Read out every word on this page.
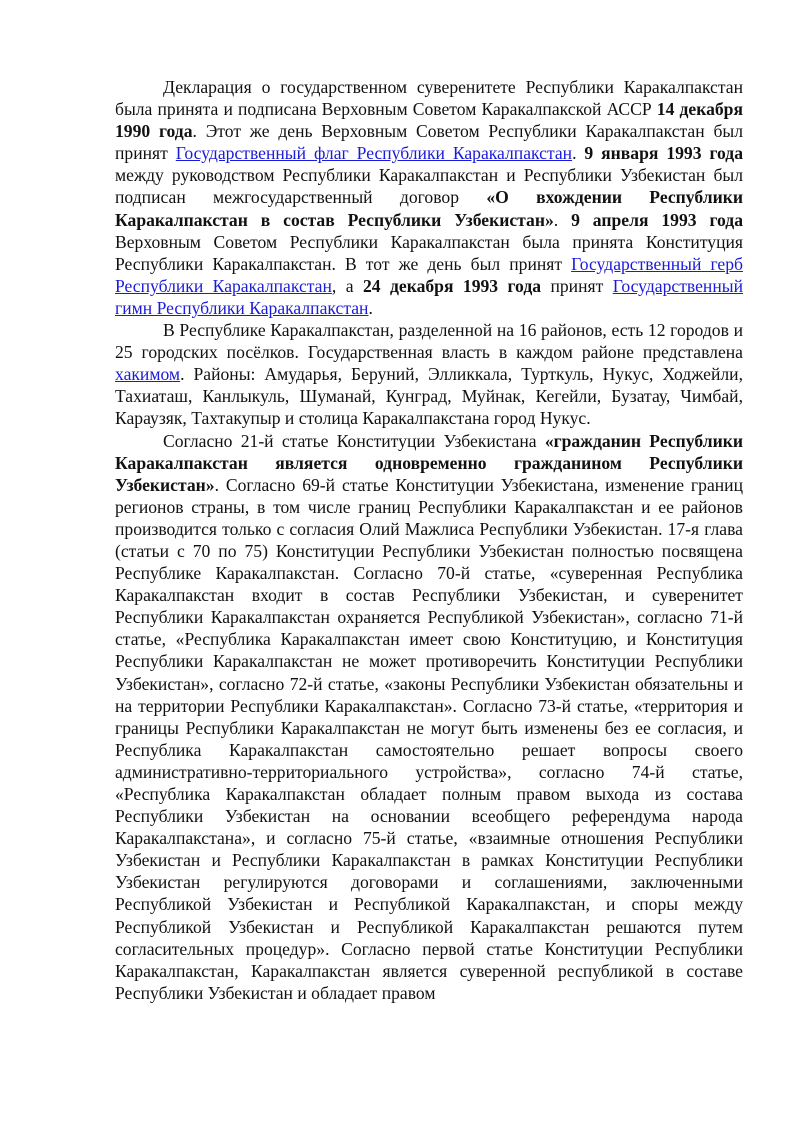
Декларация о государственном суверенитете Республики Каракалпакстан была принята и подписана Верховным Советом Каракалпакской АССР 14 декабря 1990 года. Этот же день Верховным Советом Республики Каракалпакстан был принят Государственный флаг Республики Каракалпакстан. 9 января 1993 года между руководством Республики Каракалпакстан и Республики Узбекистан был подписан межгосударственный договор «О вхождении Республики Каракалпакстан в состав Республики Узбекистан». 9 апреля 1993 года Верховным Советом Республики Каракалпакстан была принята Конституция Республики Каракалпакстан. В тот же день был принят Государственный герб Республики Каракалпакстан, а 24 декабря 1993 года принят Государственный гимн Республики Каракалпакстан.

В Республике Каракалпакстан, разделенной на 16 районов, есть 12 городов и 25 городских посёлков. Государственная власть в каждом районе представлена хакимом. Районы: Амударья, Беруний, Элликкала, Турткуль, Нукус, Ходжейли, Тахиаташ, Канлыкуль, Шуманай, Кунград, Муйнак, Кегейли, Бузатау, Чимбай, Караузяк, Тахтакупыр и столица Каракалпакстана город Нукус.

Согласно 21-й статье Конституции Узбекистана «гражданин Республики Каракалпакстан является одновременно гражданином Республики Узбекистан». Согласно 69-й статье Конституции Узбекистана, изменение границ регионов страны, в том числе границ Республики Каракалпакстан и ее районов производится только с согласия Олий Мажлиса Республики Узбекистан. 17-я глава (статьи с 70 по 75) Конституции Республики Узбекистан полностью посвящена Республике Каракалпакстан. Согласно 70-й статье, «суверенная Республика Каракалпакстан входит в состав Республики Узбекистан, и суверенитет Республики Каракалпакстан охраняется Республикой Узбекистан», согласно 71-й статье, «Республика Каракалпакстан имеет свою Конституцию, и Конституция Республики Каракалпакстан не может противоречить Конституции Республики Узбекистан», согласно 72-й статье, «законы Республики Узбекистан обязательны и на территории Республики Каракалпакстан». Согласно 73-й статье, «территория и границы Республики Каракалпакстан не могут быть изменены без ее согласия, и Республика Каракалпакстан самостоятельно решает вопросы своего административно-территориального устройства», согласно 74-й статье, «Республика Каракалпакстан обладает полным правом выхода из состава Республики Узбекистан на основании всеобщего референдума народа Каракалпакстана», и согласно 75-й статье, «взаимные отношения Республики Узбекистан и Республики Каракалпакстан в рамках Конституции Республики Узбекистан регулируются договорами и соглашениями, заключенными Республикой Узбекистан и Республикой Каракалпакстан, и споры между Республикой Узбекистан и Республикой Каракалпакстан решаются путем согласительных процедур». Согласно первой статье Конституции Республики Каракалпакстан, Каракалпакстан является суверенной республикой в составе Республики Узбекистан и обладает правом
